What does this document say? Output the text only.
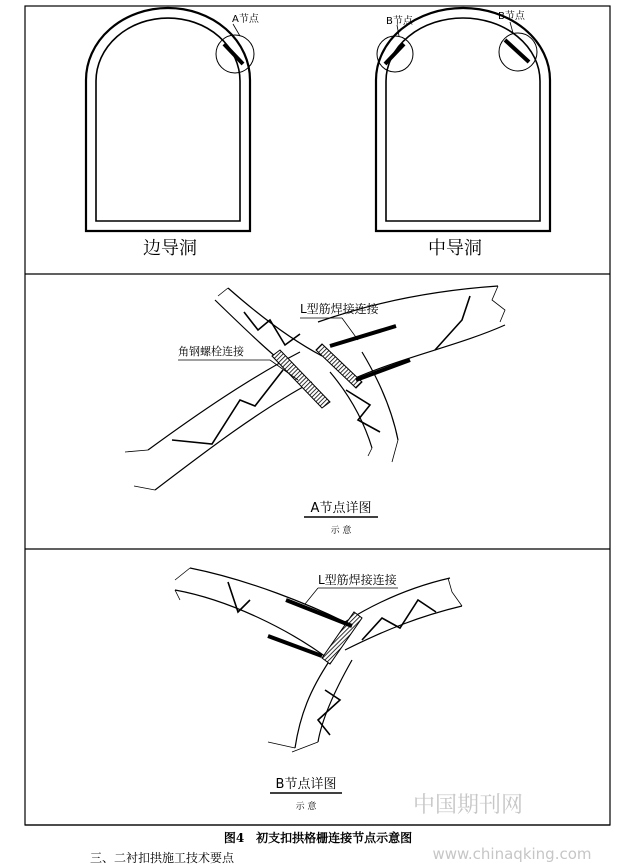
A节点
边导洞
B节点	B节点
中导洞
L型筋焊接连接
角钢螺栓连接
A节点详图
示 意
L型筋焊接连接
B节点详图
示 意
图4　初支扣拱格栅连接节点示意图
中国期刊网
www.chinaqking.com
三、二衬扣拱施工技术要点
